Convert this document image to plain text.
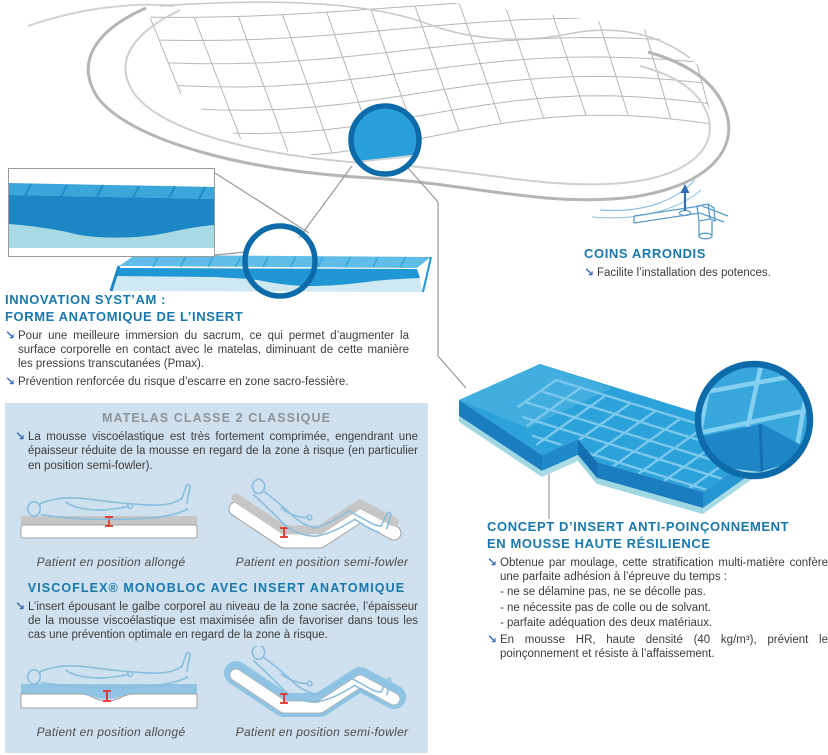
COINS ARRONDIS
↘ Facilite l’installation des potences.
INNOVATION SYST’AM :
FORME ANATOMIQUE DE L’INSERT
↘ Pour une meilleure immersion du sacrum, ce qui permet d’augmenter la surface corporelle en contact avec le matelas, diminuant de cette manière les pressions transcutanées (Pmax).
↘ Prévention renforcée du risque d’escarre en zone sacro-fessière.
MATELAS CLASSE 2 CLASSIQUE
↘ La mousse viscoélastique est très fortement comprimée, engendrant une épaisseur réduite de la mousse en regard de la zone à risque (en particulier en position semi-fowler).
Patient en position allongé	Patient en position semi-fowler
VISCOFLEX® MONOBLOC AVEC INSERT ANATOMIQUE
↘ L’insert épousant le galbe corporel au niveau de la zone sacrée, l’épaisseur de la mousse viscoélastique est maximisée afin de favoriser dans tous les cas une prévention optimale en regard de la zone à risque.
Patient en position allongé	Patient en position semi-fowler
CONCEPT D’INSERT ANTI-POINÇONNEMENT
EN MOUSSE HAUTE RÉSILIENCE
↘ Obtenue par moulage, cette stratification multi-matière confère une parfaite adhésion à l’épreuve du temps :
- ne se délamine pas, ne se décolle pas.
- ne nécessite pas de colle ou de solvant.
- parfaite adéquation des deux matériaux.
↘ En mousse HR, haute densité (40 kg/m³), prévient le poinçonnement et résiste à l’affaissement.
